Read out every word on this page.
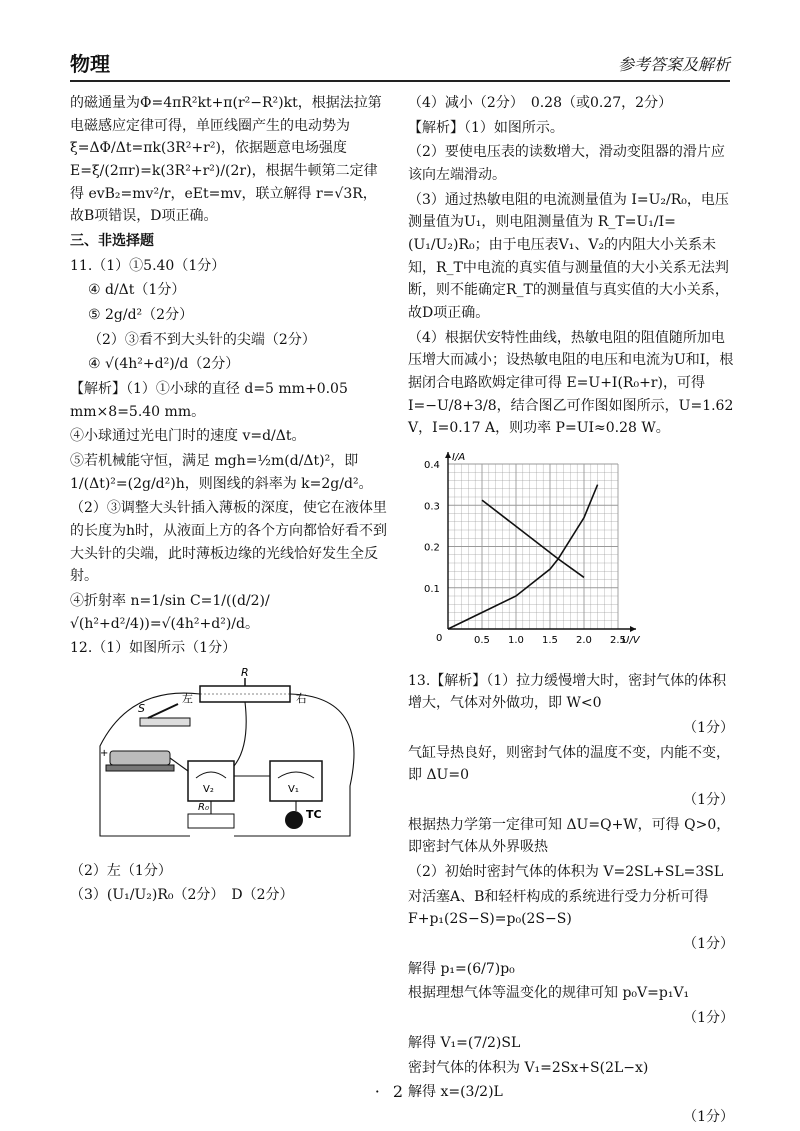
物理	参考答案及解析

的磁通量为Φ=4πR²kt+π(r²−R²)kt，根据法拉第电磁感应定律可得，单匝线圈产生的电动势为ξ=ΔΦ/Δt=πk(3R²+r²)，依据题意电场强度E=ξ/(2πr)=k(3R²+r²)/(2r)，根据牛顿第二定律得 evB₂=mv²/r，eEt=mv，联立解得 r=√3R，故B项错误，D项正确。

三、非选择题

11.（1）①5.40（1分）

④ d/Δt（1分）

⑤ 2g/d²（2分）

（2）③看不到大头针的尖端（2分）

④ √(4h²+d²)/d（2分）

【解析】（1）①小球的直径 d=5 mm+0.05 mm×8=5.40 mm。

④小球通过光电门时的速度 v=d/Δt。

⑤若机械能守恒，满足 mgh=½m(d/Δt)²，即 1/(Δt)²=(2g/d²)h，则图线的斜率为 k=2g/d²。

（2）③调整大头针插入薄板的深度，使它在液体里的长度为h时，从液面上方的各个方向都恰好看不到大头针的尖端，此时薄板边缘的光线恰好发生全反射。

④折射率 n=1/sin C=1/((d/2)/√(h²+d²/4))=√(4h²+d²)/d。

12.（1）如图所示（1分）

R
左	右
S
+
V₂	V₁
R₀
TC

（2）左（1分）

（3）(U₁/U₂)R₀（2分）　D（2分）

（4）减小（2分）　0.28（或0.27，2分）

【解析】（1）如图所示。

（2）要使电压表的读数增大，滑动变阻器的滑片应该向左端滑动。

（3）通过热敏电阻的电流测量值为 I=U₂/R₀，电压测量值为U₁，则电阻测量值为 R_T=U₁/I=(U₁/U₂)R₀；由于电压表V₁、V₂的内阻大小关系未知，R_T中电流的真实值与测量值的大小关系无法判断，则不能确定R_T的测量值与真实值的大小关系，故D项正确。

（4）根据伏安特性曲线，热敏电阻的阻值随所加电压增大而减小；设热敏电阻的电压和电流为U和I，根据闭合电路欧姆定律可得 E=U+I(R₀+r)，可得 I=−U/8+3/8，结合图乙可作图如图所示，U=1.62 V，I=0.17 A，则功率 P=UI≈0.28 W。

0.5 1.0 1.5 2.0 2.5
0.1
0.2
0.3
0.4
0	U/V
I/A

13.【解析】（1）拉力缓慢增大时，密封气体的体积增大，气体对外做功，即 W<0

（1分）

气缸导热良好，则密封气体的温度不变，内能不变，即 ΔU=0

（1分）

根据热力学第一定律可知 ΔU=Q+W，可得 Q>0，即密封气体从外界吸热

（2）初始时密封气体的体积为 V=2SL+SL=3SL

对活塞A、B和轻杆构成的系统进行受力分析可得 F+p₁(2S−S)=p₀(2S−S)

（1分）

解得 p₁=(6/7)p₀

根据理想气体等温变化的规律可知 p₀V=p₁V₁

（1分）

解得 V₁=(7/2)SL

密封气体的体积为 V₁=2Sx+S(2L−x)

解得 x=(3/2)L

（1分）

· 2 ·
